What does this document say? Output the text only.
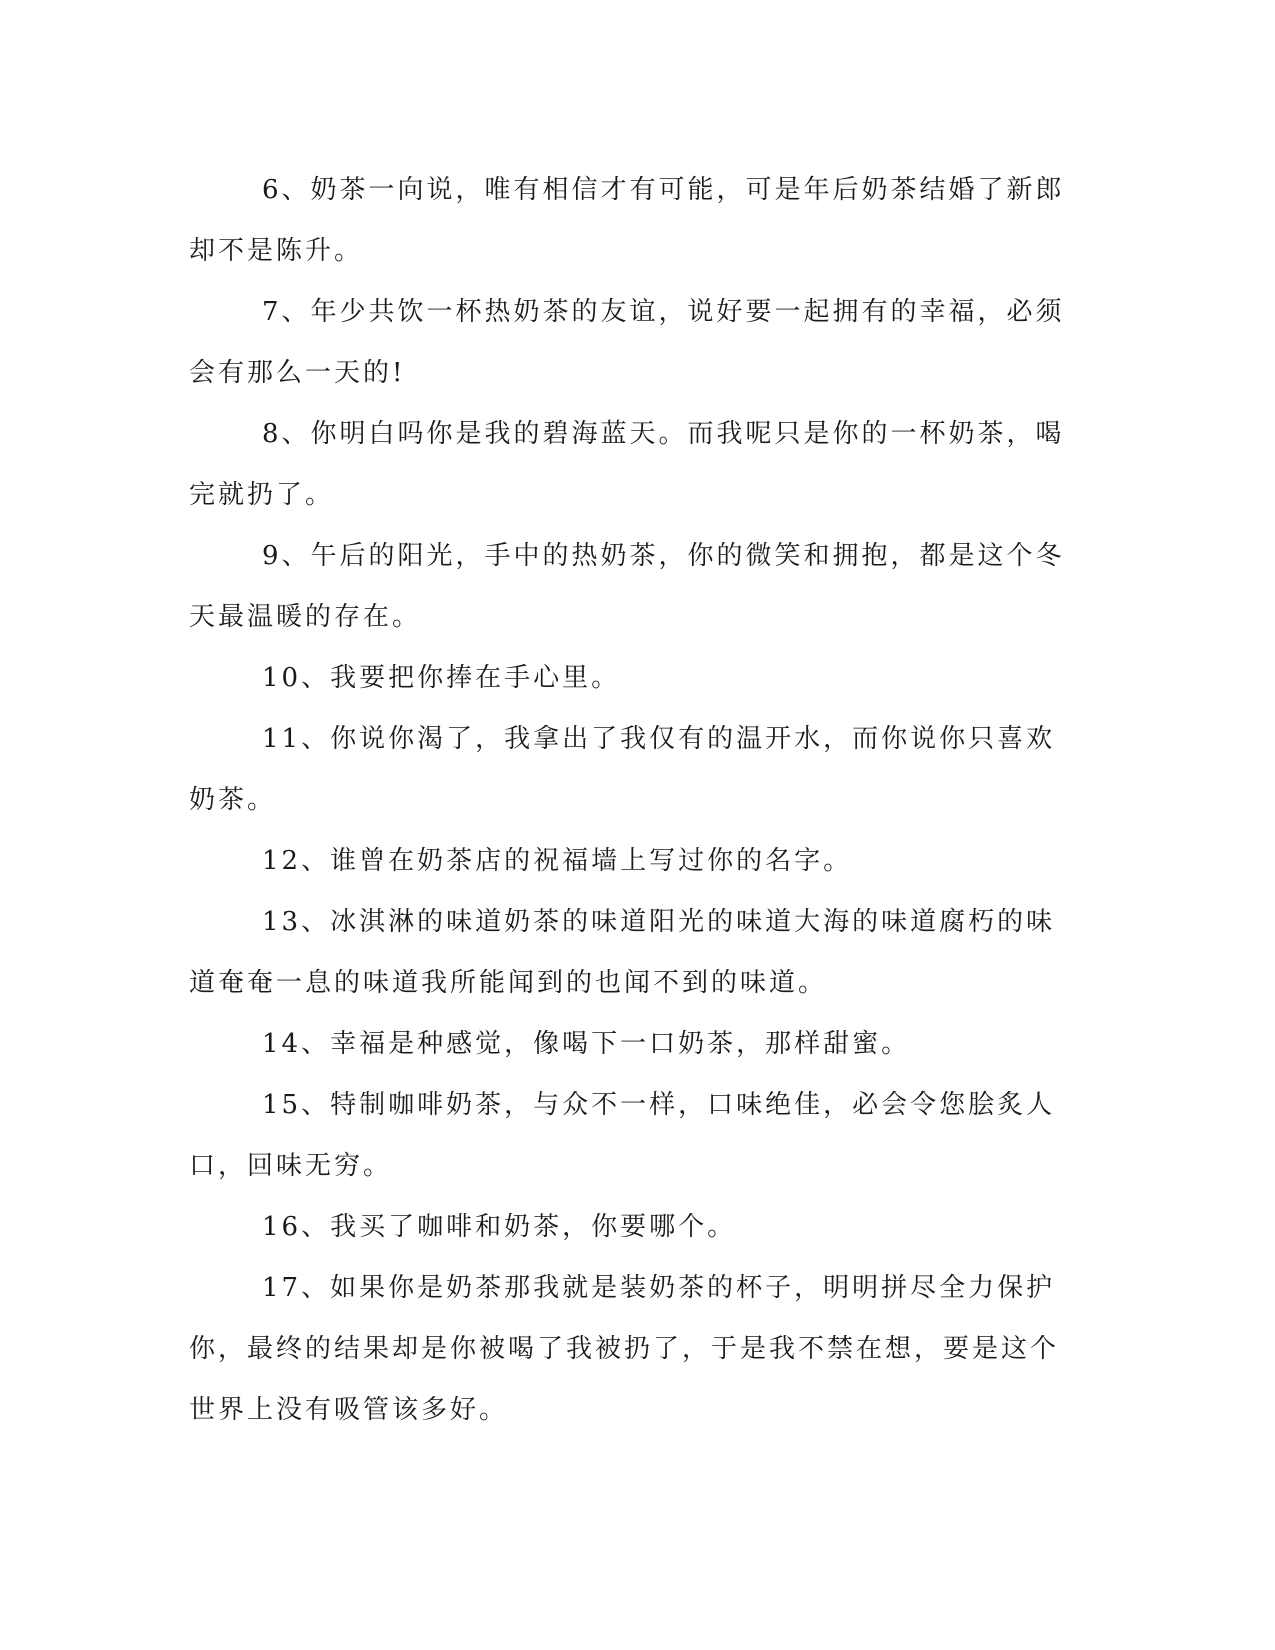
6、奶茶一向说，唯有相信才有可能，可是年后奶茶结婚了新郎却不是陈升。

7、年少共饮一杯热奶茶的友谊，说好要一起拥有的幸福，必须会有那么一天的!

8、你明白吗你是我的碧海蓝天。而我呢只是你的一杯奶茶，喝完就扔了。

9、午后的阳光，手中的热奶茶，你的微笑和拥抱，都是这个冬天最温暖的存在。

10、我要把你捧在手心里。

11、你说你渴了，我拿出了我仅有的温开水，而你说你只喜欢奶茶。

12、谁曾在奶茶店的祝福墙上写过你的名字。

13、冰淇淋的味道奶茶的味道阳光的味道大海的味道腐朽的味道奄奄一息的味道我所能闻到的也闻不到的味道。

14、幸福是种感觉，像喝下一口奶茶，那样甜蜜。

15、特制咖啡奶茶，与众不一样，口味绝佳，必会令您脍炙人口，回味无穷。

16、我买了咖啡和奶茶，你要哪个。

17、如果你是奶茶那我就是装奶茶的杯子，明明拼尽全力保护你，最终的结果却是你被喝了我被扔了，于是我不禁在想，要是这个世界上没有吸管该多好。
